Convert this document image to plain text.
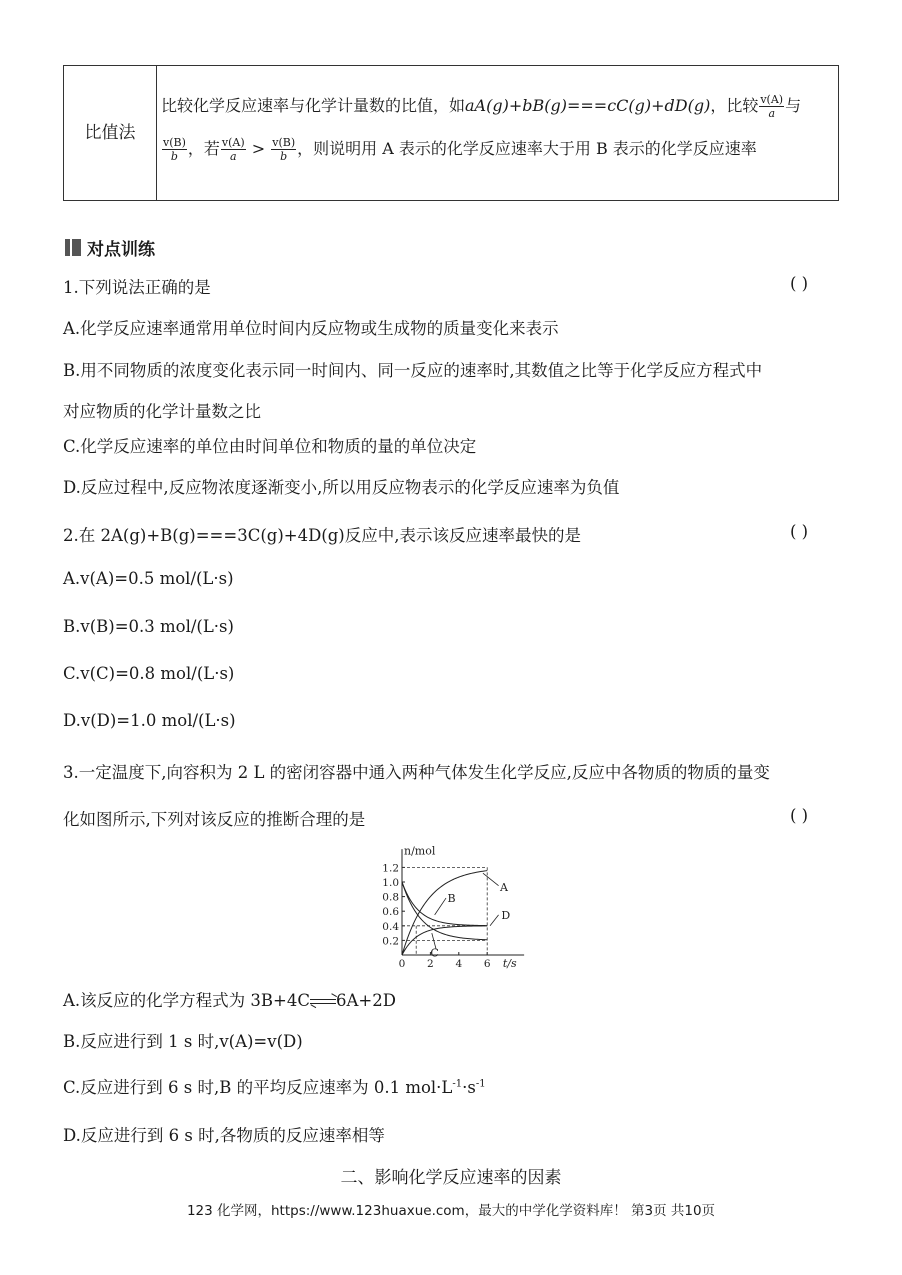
比值法
比较化学反应速率与化学计量数的比值，如aA(g)+bB(g)===cC(g)+dD(g)，比较 $\frac{v(A)}{a}$ 与
$\frac{v(B)}{b}$ ，若 $\frac{v(A)}{a} > \frac{v(B)}{b}$ ，则说明用 A 表示的化学反应速率大于用 B 表示的化学反应速率
对点训练
1.下列说法正确的是	( )
A.化学反应速率通常用单位时间内反应物或生成物的质量变化来表示
B.用不同物质的浓度变化表示同一时间内、同一反应的速率时,其数值之比等于化学反应方程式中
对应物质的化学计量数之比
C.化学反应速率的单位由时间单位和物质的量的单位决定
D.反应过程中,反应物浓度逐渐变小,所以用反应物表示的化学反应速率为负值
2.在 2A(g)+B(g)===3C(g)+4D(g)反应中,表示该反应速率最快的是	( )
A.v(A)=0.5 mol/(L·s)
B.v(B)=0.3 mol/(L·s)
C.v(C)=0.8 mol/(L·s)
D.v(D)=1.0 mol/(L·s)
3.一定温度下,向容积为 2 L 的密闭容器中通入两种气体发生化学反应,反应中各物质的物质的量变
化如图所示,下列对该反应的推断合理的是	( )
n/mol
t/s
1.2
1.0
0.8
0.6
0.4
0.2
0 2 4 6
A
B
D
C
A.该反应的化学方程式为 3B+4C 6A+2D
B.反应进行到 1 s 时,v(A)=v(D)
C.反应进行到 6 s 时,B 的平均反应速率为 0.1 $mol\cdot L^{-1}\cdot s^{-1}$
D.反应进行到 6 s 时,各物质的反应速率相等
二、影响化学反应速率的因素
123 化学网，https://www.123huaxue.com，最大的中学化学资料库！ 第3页 共10页
